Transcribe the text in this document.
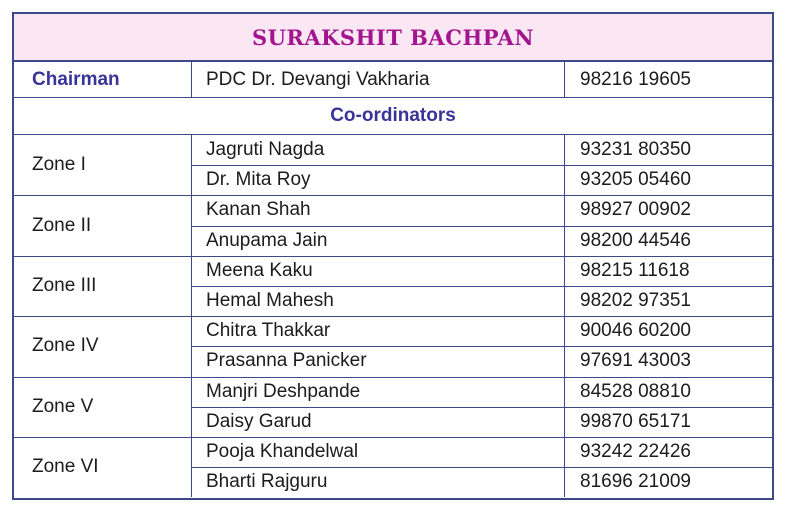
SURAKSHIT BACHPAN
Chairman	PDC Dr. Devangi Vakharia	98216 19605
Co-ordinators
Zone I
Jagruti Nagda	93231 80350
Dr. Mita Roy	93205 05460
Zone II
Kanan Shah	98927 00902
Anupama Jain	98200 44546
Zone III
Meena Kaku	98215 11618
Hemal Mahesh	98202 97351
Zone IV
Chitra Thakkar	90046 60200
Prasanna Panicker	97691 43003
Zone V
Manjri Deshpande	84528 08810
Daisy Garud	99870 65171
Zone VI
Pooja Khandelwal	93242 22426
Bharti Rajguru	81696 21009
